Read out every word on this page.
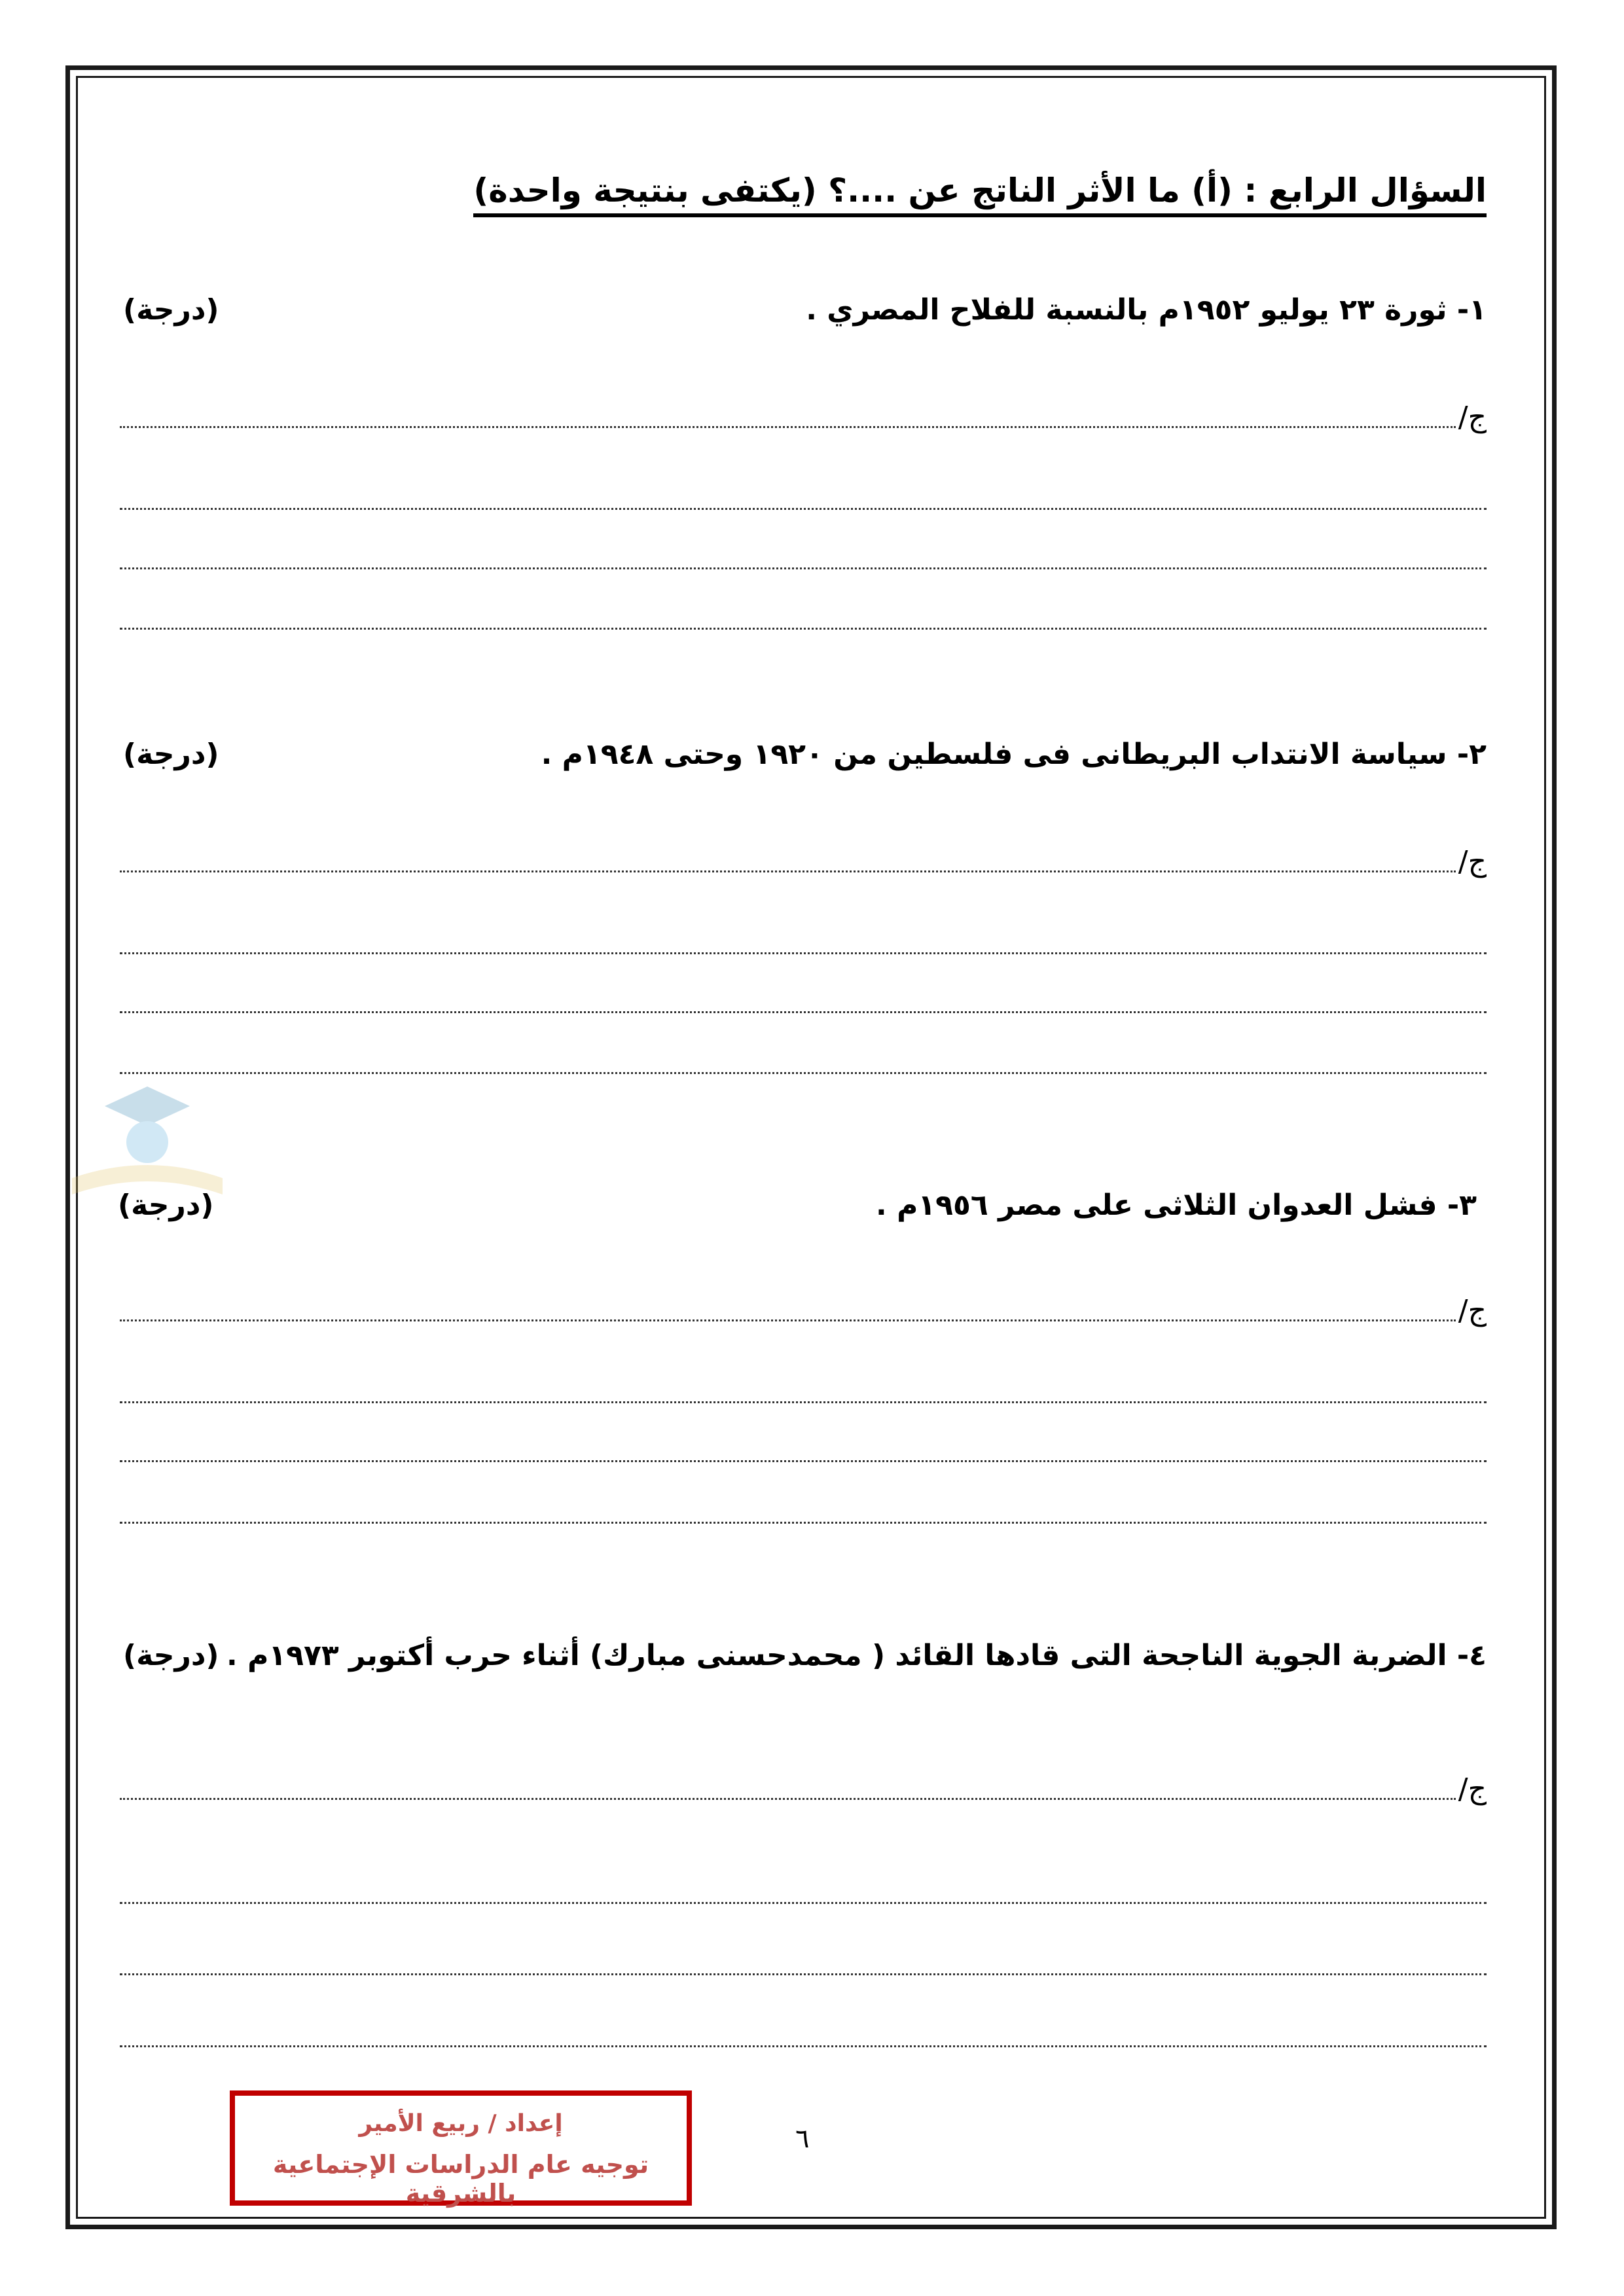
السؤال الرابع : (أ) ما الأثر الناتج عن ....؟ (يكتفى بنتيجة واحدة)
١- ثورة ٢٣ يوليو ١٩٥٢م بالنسبة للفلاح المصري .
(درجة)
ج/
٢- سياسة الانتداب البريطانى فى فلسطين من ١٩٢٠ وحتى ١٩٤٨م .
(درجة)
ج/
٣- فشل العدوان الثلاثى على مصر ١٩٥٦م .
(درجة)
ج/
٤- الضربة الجوية الناجحة التى قادها القائد ( محمدحسنى مبارك) أثناء حرب أكتوبر ١٩٧٣م .
(درجة)
ج/
إعداد / ربيع الأمير
توجيه عام الدراسات الإجتماعية بالشرقية
٦
